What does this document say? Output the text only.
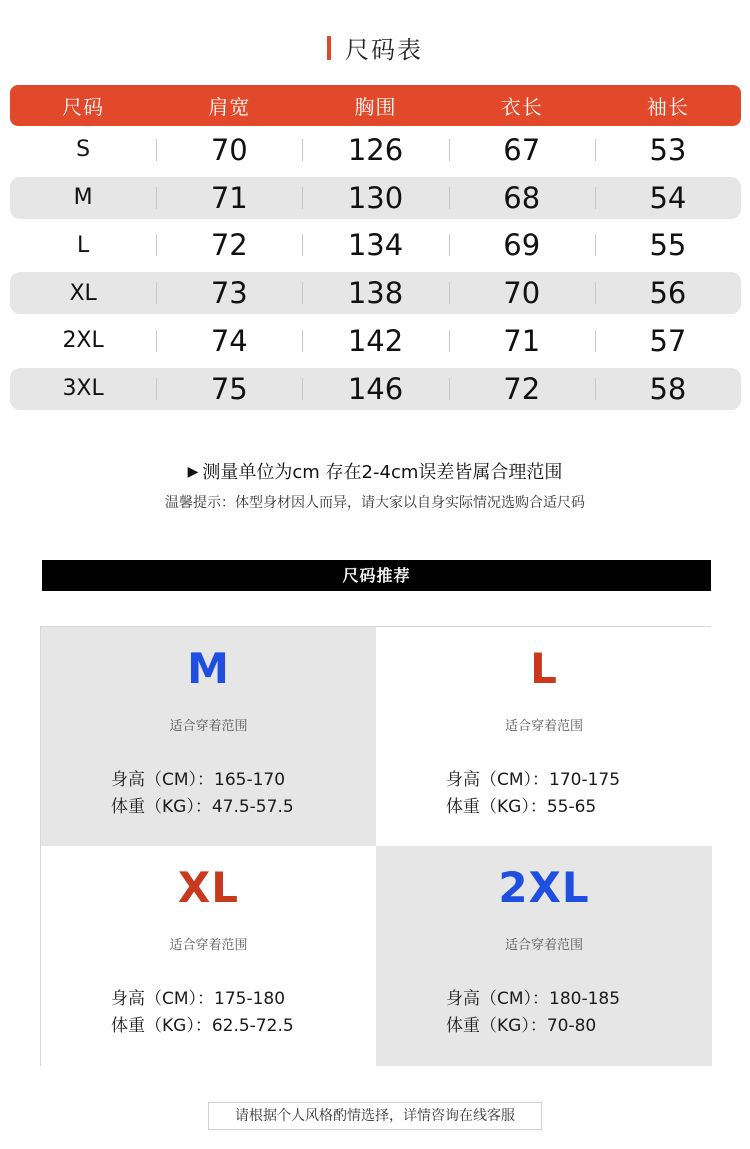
尺码表
尺码	肩宽	胸围	衣长	袖长
S	70	126	67	53
M	71	130	68	54
L	72	134	69	55
XL	73	138	70	56
2XL	74	142	71	57
3XL	75	146	72	58
▶ 测量单位为cm 存在2-4cm误差皆属合理范围
温馨提示：体型身材因人而异，请大家以自身实际情况选购合适尺码
尺码推荐
M
适合穿着范围
身高（CM）：165-170
体重（KG）：47.5-57.5
L
适合穿着范围
身高（CM）：170-175
体重（KG）：55-65
XL
适合穿着范围
身高（CM）：175-180
体重（KG）：62.5-72.5
2XL
适合穿着范围
身高（CM）：180-185
体重（KG）：70-80
请根据个人风格酌情选择，详情咨询在线客服
